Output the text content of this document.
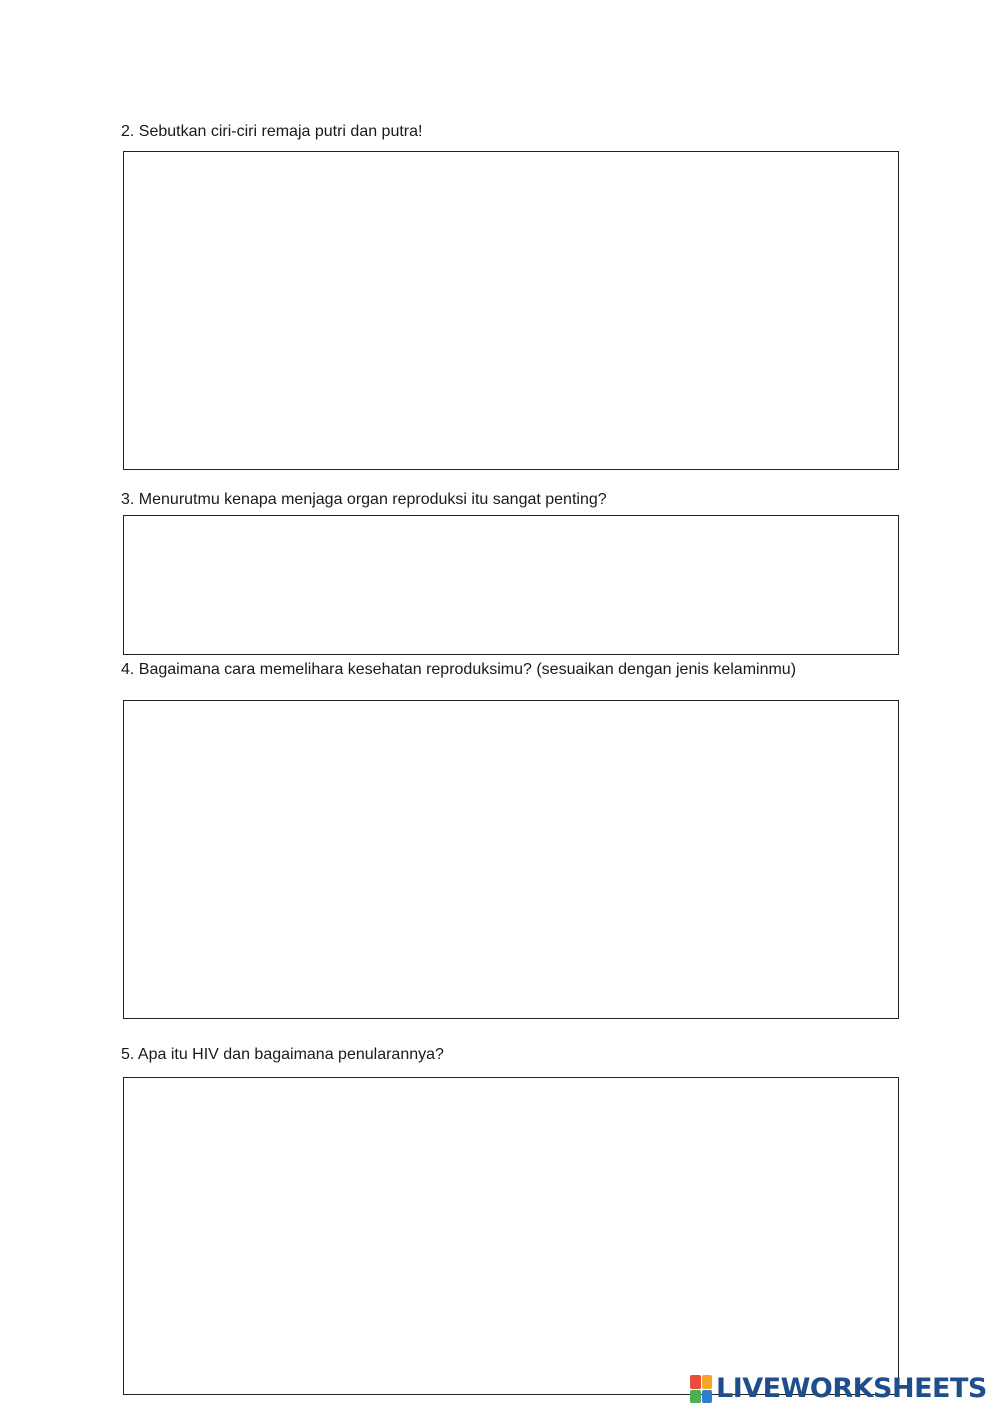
2. Sebutkan ciri-ciri remaja putri dan putra!
3. Menurutmu kenapa menjaga organ reproduksi itu sangat penting?
4. Bagaimana cara memelihara kesehatan reproduksimu? (sesuaikan dengan jenis kelaminmu)
5. Apa itu HIV dan bagaimana penularannya?
LIVEWORKSHEETS
